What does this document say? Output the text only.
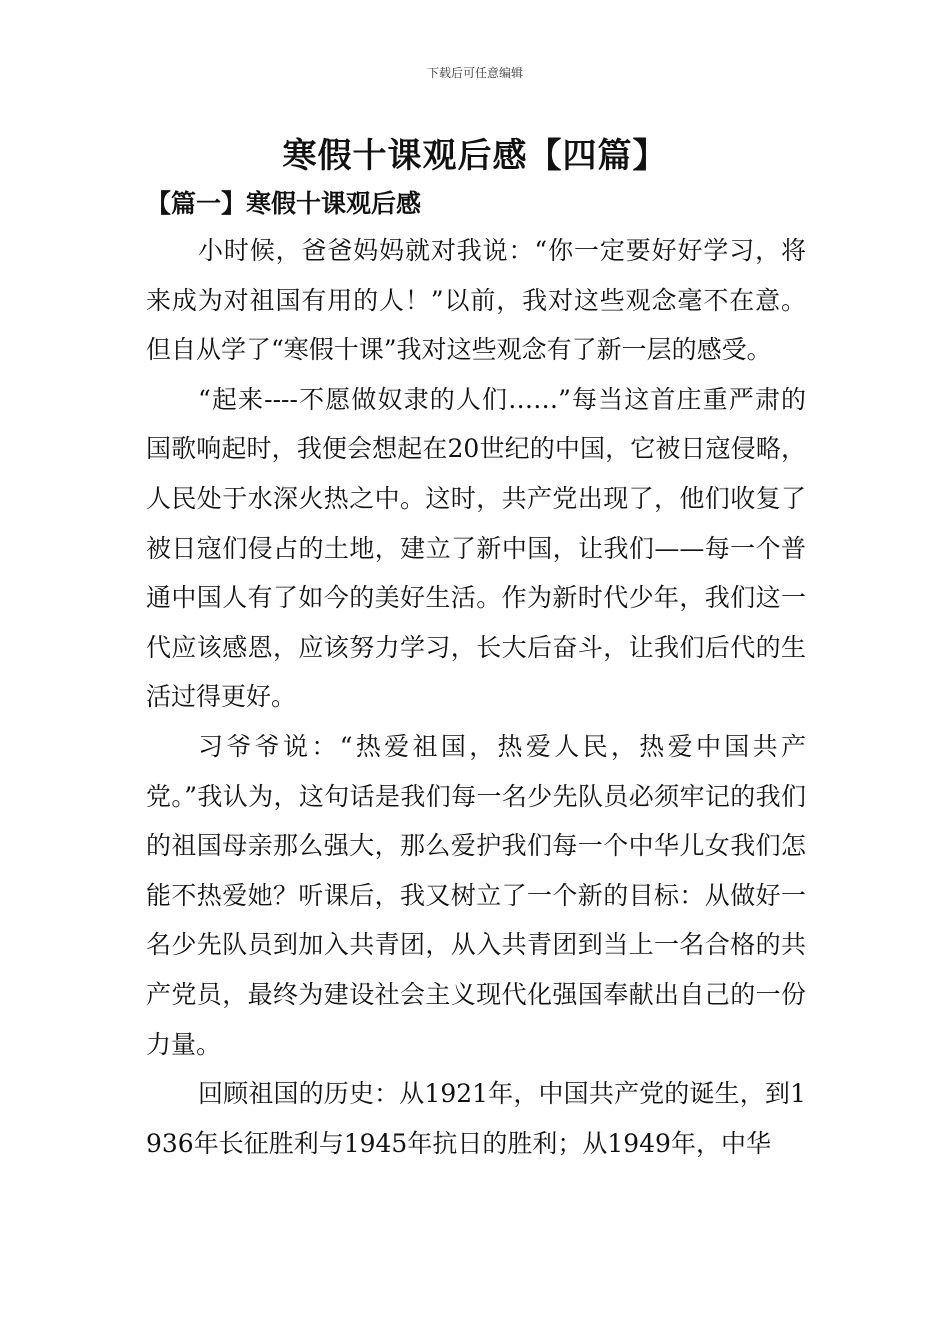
下载后可任意编辑
寒假十课观后感【四篇】
【篇一】寒假十课观后感

小时候，爸爸妈妈就对我说：“你一定要好好学习，将来成为对祖国有用的人！”以前，我对这些观念毫不在意。但自从学了“寒假十课”我对这些观念有了新一层的感受。

“起来----不愿做奴隶的人们……”每当这首庄重严肃的国歌响起时，我便会想起在20世纪的中国，它被日寇侵略，人民处于水深火热之中。这时，共产党出现了，他们收复了被日寇们侵占的土地，建立了新中国，让我们——每一个普通中国人有了如今的美好生活。作为新时代少年，我们这一代应该感恩，应该努力学习，长大后奋斗，让我们后代的生活过得更好。

习爷爷说：“热爱祖国，热爱人民，热爱中国共产党。”我认为，这句话是我们每一名少先队员必须牢记的我们的祖国母亲那么强大，那么爱护我们每一个中华儿女我们怎能不热爱她？听课后，我又树立了一个新的目标：从做好一名少先队员到加入共青团，从入共青团到当上一名合格的共产党员，最终为建设社会主义现代化强国奉献出自己的一份力量。

回顾祖国的历史：从1921年，中国共产党的诞生，到1936年长征胜利与1945年抗日的胜利；从1949年，中华
